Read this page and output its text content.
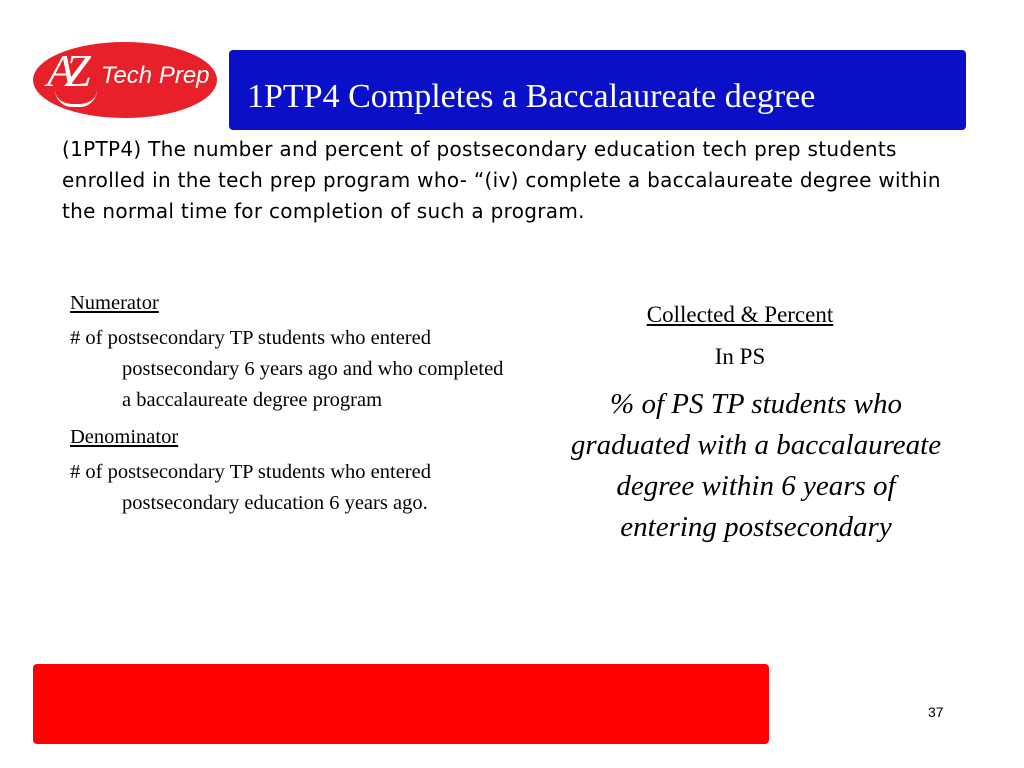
AZ Tech Prep
1PTP4 Completes a Baccalaureate degree

(1PTP4) The number and percent of postsecondary education tech prep students enrolled in the tech prep program who- “(iv) complete a baccalaureate degree within the normal time for completion of such a program.

Numerator
# of postsecondary TP students who entered postsecondary 6 years ago and who completed a baccalaureate degree program
Denominator
# of postsecondary TP students who entered postsecondary education 6 years ago.
Collected & Percent
In PS
% of PS TP students who graduated with a baccalaureate degree within 6 years of entering postsecondary
37
